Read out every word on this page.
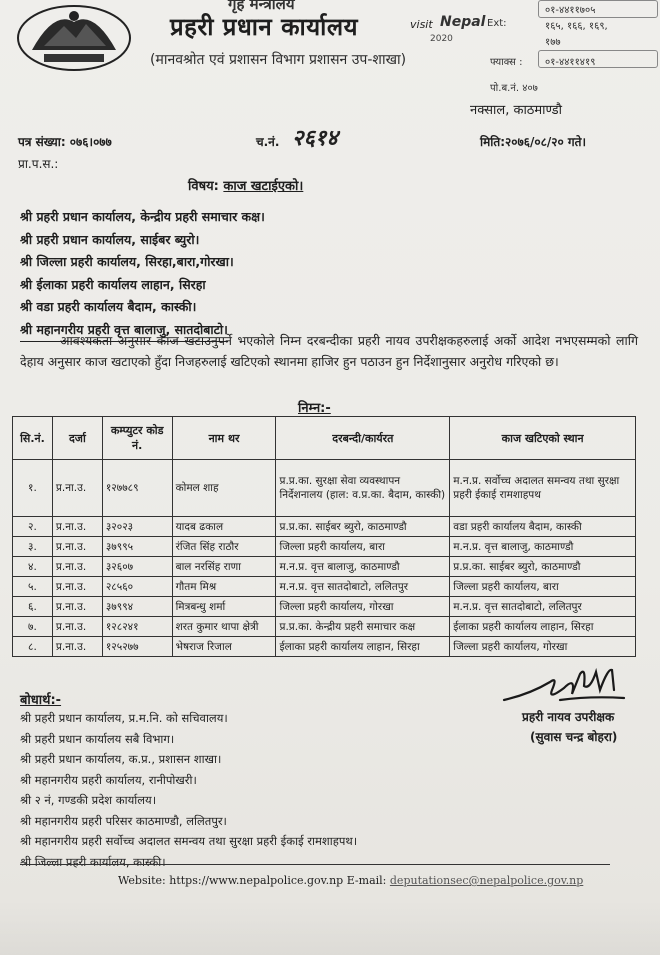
गृह मन्त्रालय
प्रहरी प्रधान कार्यालय
(मानवश्रोत एवं प्रशासन विभाग प्रशासन उप-शाखा)
visit Nepal
2020
Ext:
०१-४४११७०५
१६५, १६६, १६९,
१७७
फ्याक्स : ०१-४४११४१९
पो.ब.नं. ४०७
नक्साल, काठमाण्डौ
पत्र संख्या: ०७६।०७७	च.नं. २६१४	मिति:२०७६/०८/२० गते।
प्रा.प.स.:
विषय: काज खटाईएको।
श्री प्रहरी प्रधान कार्यालय, केन्द्रीय प्रहरी समाचार कक्ष।
श्री प्रहरी प्रधान कार्यालय, साईबर ब्युरो।
श्री जिल्ला प्रहरी कार्यालय, सिरहा,बारा,गोरखा।
श्री ईलाका प्रहरी कार्यालय लाहान, सिरहा
श्री वडा प्रहरी कार्यालय बैदाम, कास्की।
श्री महानगरीय प्रहरी वृत्त बालाजु, सातदोबाटो।

आवश्यकता अनुसार काज खटाउनुपर्ने भएकोले निम्न दरबन्दीका प्रहरी नायव उपरीक्षकहरुलाई अर्को आदेश नभएसम्मको लागि देहाय अनुसार काज खटाएको हुँदा निजहरुलाई खटिएको स्थानमा हाजिर हुन पठाउन हुन निर्देशानुसार अनुरोध गरिएको छ।

निम्न:-
सि.नं.	दर्जा	कम्प्युटर कोड नं.	नाम थर	दरबन्दी/कार्यरत	काज खटिएको स्थान
१.	प्र.ना.उ.	१२७७८९	कोमल शाह	प्र.प्र.का. सुरक्षा सेवा व्यवस्थापन निर्देशनालय (हाल: व.प्र.का. बैदाम, कास्की)	म.न.प्र. सर्वोच्च अदालत समन्वय तथा सुरक्षा प्रहरी ईकाई रामशाहपथ
२.	प्र.ना.उ.	३२०२३	यादब ढकाल	प्र.प्र.का. साईबर ब्युरो, काठमाण्डौ	वडा प्रहरी कार्यालय बैदाम, कास्की
३.	प्र.ना.उ.	३७९९५	रंजित सिंह राठौर	जिल्ला प्रहरी कार्यालय, बारा	म.न.प्र. वृत्त बालाजु, काठमाण्डौ
४.	प्र.ना.उ.	३२६०७	बाल नरसिंह राणा	म.न.प्र. वृत्त बालाजु, काठमाण्डौ	प्र.प्र.का. साईबर ब्युरो, काठमाण्डौ
५.	प्र.ना.उ.	२८५६०	गौतम मिश्र	म.न.प्र. वृत्त सातदोबाटो, ललितपुर	जिल्ला प्रहरी कार्यालय, बारा
६.	प्र.ना.उ.	३७९९४	मित्रबन्धु शर्मा	जिल्ला प्रहरी कार्यालय, गोरखा	म.न.प्र. वृत्त सातदोबाटो, ललितपुर
७.	प्र.ना.उ.	१२८२४१	शरत कुमार थापा क्षेत्री	प्र.प्र.का. केन्द्रीय प्रहरी समाचार कक्ष	ईलाका प्रहरी कार्यालय लाहान, सिरहा
८.	प्र.ना.उ.	१२५२७७	भेषराज रिजाल	ईलाका प्रहरी कार्यालय लाहान, सिरहा	जिल्ला प्रहरी कार्यालय, गोरखा
प्रहरी नायव उपरीक्षक
(सुवास चन्द्र बोहरा)
बोधार्थ:-
श्री प्रहरी प्रधान कार्यालय, प्र.म.नि. को सचिवालय।
श्री प्रहरी प्रधान कार्यालय सबै विभाग।
श्री प्रहरी प्रधान कार्यालय, क.प्र., प्रशासन शाखा।
श्री महानगरीय प्रहरी कार्यालय, रानीपोखरी।
श्री २ नं, गण्डकी प्रदेश कार्यालय।
श्री महानगरीय प्रहरी परिसर काठमाण्डौ, ललितपुर।
श्री महानगरीय प्रहरी सर्वोच्च अदालत समन्वय तथा सुरक्षा प्रहरी ईकाई रामशाहपथ।
श्री जिल्ला प्रहरी कार्यालय, कास्की।
Website: https://www.nepalpolice.gov.np E-mail: deputationsec@nepalpolice.gov.np
